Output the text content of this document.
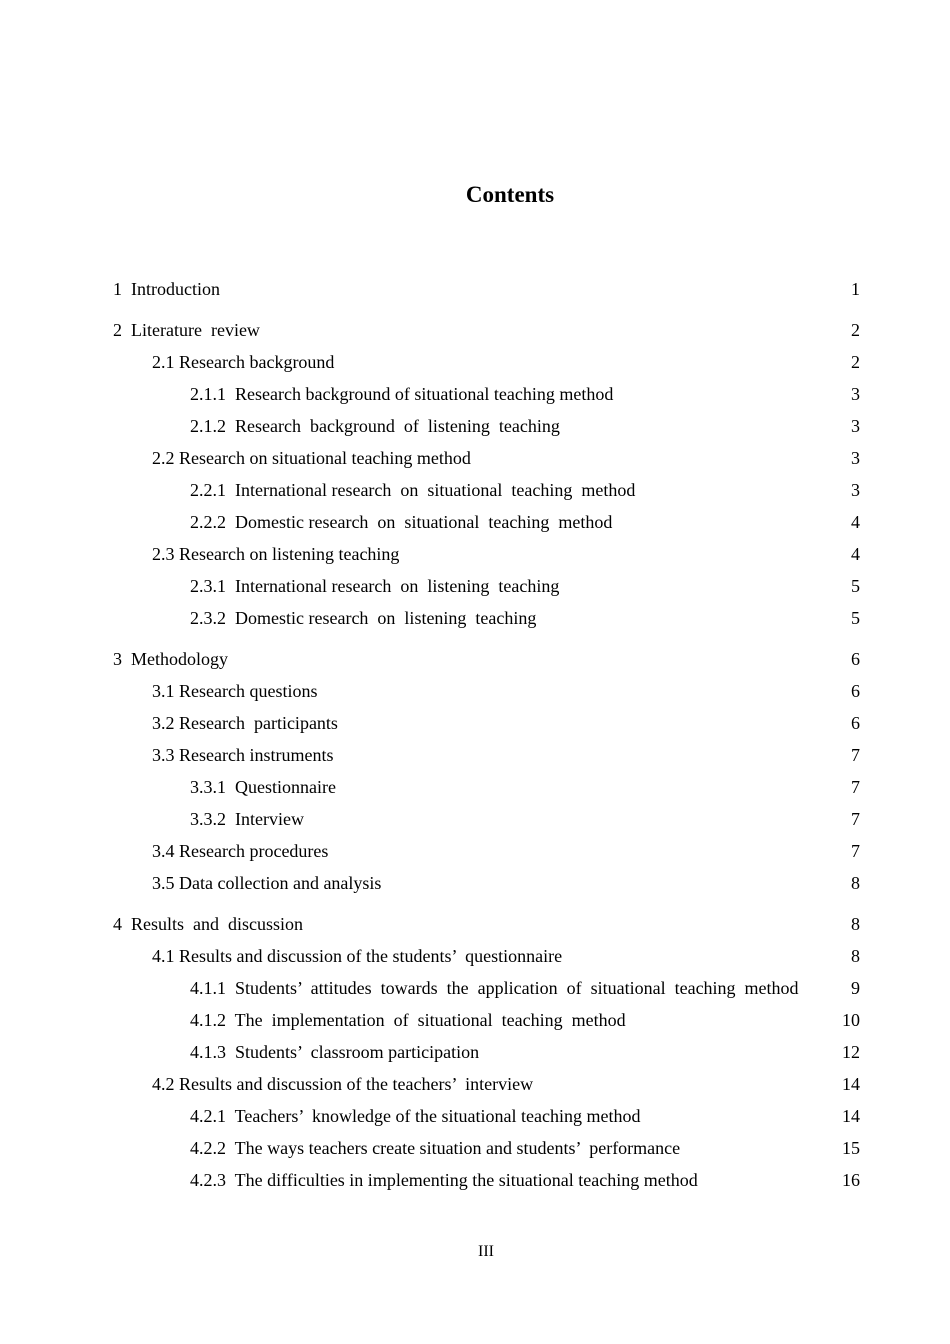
Contents
1  Introduction	1
2  Literature  review	2
2.1 Research background	2
2.1.1  Research background of situational teaching method	3
2.1.2  Research  background  of  listening  teaching	3
2.2 Research on situational teaching method	3
2.2.1  International research  on  situational  teaching  method	3
2.2.2  Domestic research  on  situational  teaching  method	4
2.3 Research on listening teaching	4
2.3.1  International research  on  listening  teaching	5
2.3.2  Domestic research  on  listening  teaching	5
3  Methodology	6
3.1 Research questions	6
3.2 Research  participants	6
3.3 Research instruments	7
3.3.1  Questionnaire	7
3.3.2  Interview	7
3.4 Research procedures	7
3.5 Data collection and analysis	8
4  Results  and  discussion	8
4.1 Results and discussion of the students’  questionnaire	8
4.1.1  Students’  attitudes  towards  the  application  of  situational  teaching  method	9
4.1.2  The  implementation  of  situational  teaching  method	10
4.1.3  Students’  classroom participation	12
4.2 Results and discussion of the teachers’  interview	14
4.2.1  Teachers’  knowledge of the situational teaching method	14
4.2.2  The ways teachers create situation and students’  performance	15
4.2.3  The difficulties in implementing the situational teaching method	16
III
